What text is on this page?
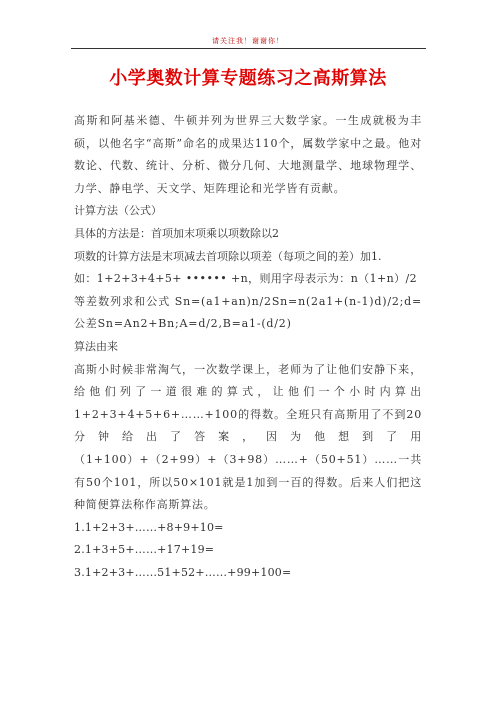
请关注我！谢谢你！
小学奥数计算专题练习之高斯算法

高斯和阿基米德、牛顿并列为世界三大数学家。一生成就极为丰硕，以他名字“高斯”命名的成果达110个，属数学家中之最。他对数论、代数、统计、分析、微分几何、大地测量学、地球物理学、力学、静电学、天文学、矩阵理论和光学皆有贡献。

计算方法（公式）

具体的方法是：首项加末项乘以项数除以2

项数的计算方法是末项减去首项除以项差（每项之间的差）加1.

如：1+2+3+4+5+ •••••• +n，则用字母表示为：n（1+n）/2

等差数列求和公式 Sn=(a1+an)n/2Sn=n(2a1+(n-1)d)/2;d=公差Sn=An2+Bn;A=d/2,B=a1-(d/2)

算法由来

高斯小时候非常淘气，一次数学课上，老师为了让他们安静下来，给他们列了一道很难的算式，让他们一个小时内算出1+2+3+4+5+6+……+100的得数。全班只有高斯用了不到20分钟给出了答案，因为他想到了用（1+100）+（2+99）+（3+98）……+（50+51）……一共有50个101，所以50×101就是1加到一百的得数。后来人们把这种简便算法称作高斯算法。

1.1+2+3+……+8+9+10=

2.1+3+5+……+17+19=

3.1+2+3+……51+52+……+99+100=
